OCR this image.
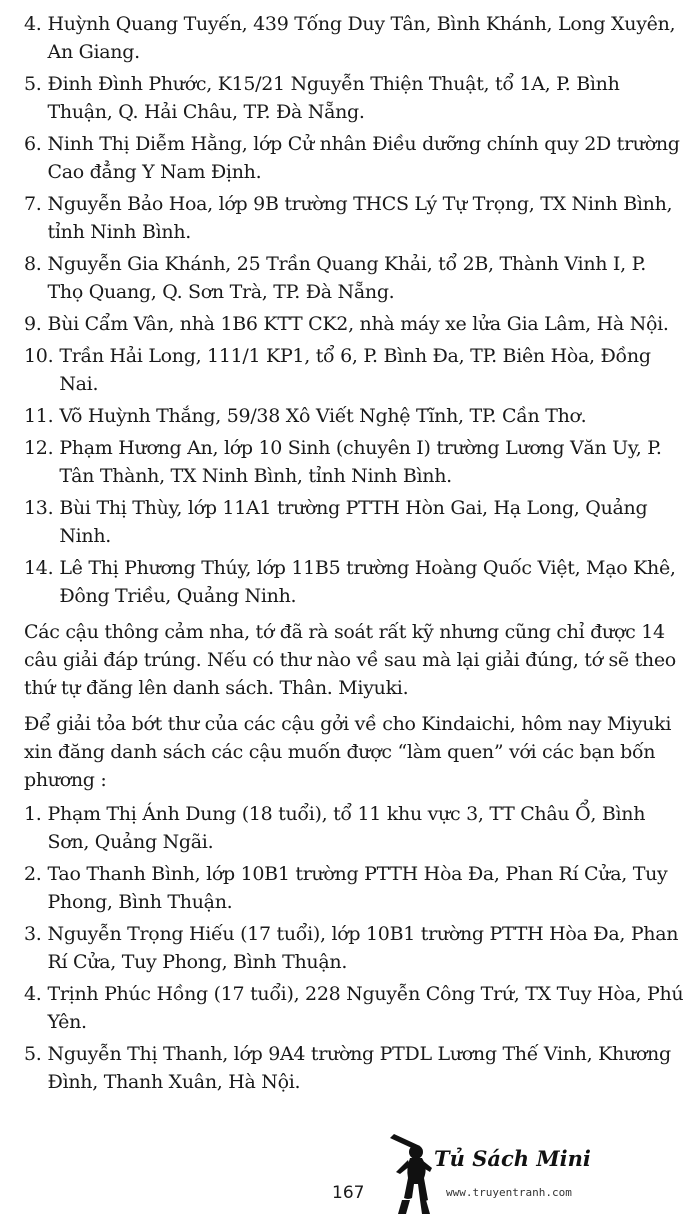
4. Huỳnh Quang Tuyến, 439 Tống Duy Tân, Bình Khánh, Long Xuyên, An Giang.
5. Đinh Đình Phước, K15/21 Nguyễn Thiện Thuật, tổ 1A, P. Bình Thuận, Q. Hải Châu, TP. Đà Nẵng.
6. Ninh Thị Diễm Hằng, lớp Cử nhân Điều dưỡng chính quy 2D trường Cao đẳng Y Nam Định.
7. Nguyễn Bảo Hoa, lớp 9B trường THCS Lý Tự Trọng, TX Ninh Bình, tỉnh Ninh Bình.
8. Nguyễn Gia Khánh, 25 Trần Quang Khải, tổ 2B, Thành Vinh I, P. Thọ Quang, Q. Sơn Trà, TP. Đà Nẵng.
9. Bùi Cẩm Vân, nhà 1B6 KTT CK2, nhà máy xe lửa Gia Lâm, Hà Nội.
10. Trần Hải Long, 111/1 KP1, tổ 6, P. Bình Đa, TP. Biên Hòa, Đồng Nai.
11. Võ Huỳnh Thắng, 59/38 Xô Viết Nghệ Tĩnh, TP. Cần Thơ.
12. Phạm Hương An, lớp 10 Sinh (chuyên I) trường Lương Văn Uy, P. Tân Thành, TX Ninh Bình, tỉnh Ninh Bình.
13. Bùi Thị Thùy, lớp 11A1 trường PTTH Hòn Gai, Hạ Long, Quảng Ninh.
14. Lê Thị Phương Thúy, lớp 11B5 trường Hoàng Quốc Việt, Mạo Khê, Đông Triều, Quảng Ninh.
Các cậu thông cảm nha, tớ đã rà soát rất kỹ nhưng cũng chỉ được 14 câu giải đáp trúng. Nếu có thư nào về sau mà lại giải đúng, tớ sẽ theo thứ tự đăng lên danh sách. Thân. Miyuki.
Để giải tỏa bớt thư của các cậu gởi về cho Kindaichi, hôm nay Miyuki xin đăng danh sách các cậu muốn được “làm quen” với các bạn bốn phương :
1. Phạm Thị Ánh Dung (18 tuổi), tổ 11 khu vực 3, TT Châu Ổ, Bình Sơn, Quảng Ngãi.
2. Tao Thanh Bình, lớp 10B1 trường PTTH Hòa Đa, Phan Rí Cửa, Tuy Phong, Bình Thuận.
3. Nguyễn Trọng Hiếu (17 tuổi), lớp 10B1 trường PTTH Hòa Đa, Phan Rí Cửa, Tuy Phong, Bình Thuận.
4. Trịnh Phúc Hồng (17 tuổi), 228 Nguyễn Công Trứ, TX Tuy Hòa, Phú Yên.
5. Nguyễn Thị Thanh, lớp 9A4 trường PTDL Lương Thế Vinh, Khương Đình, Thanh Xuân, Hà Nội.
167
Tủ Sách Mini
www.truyentranh.com
